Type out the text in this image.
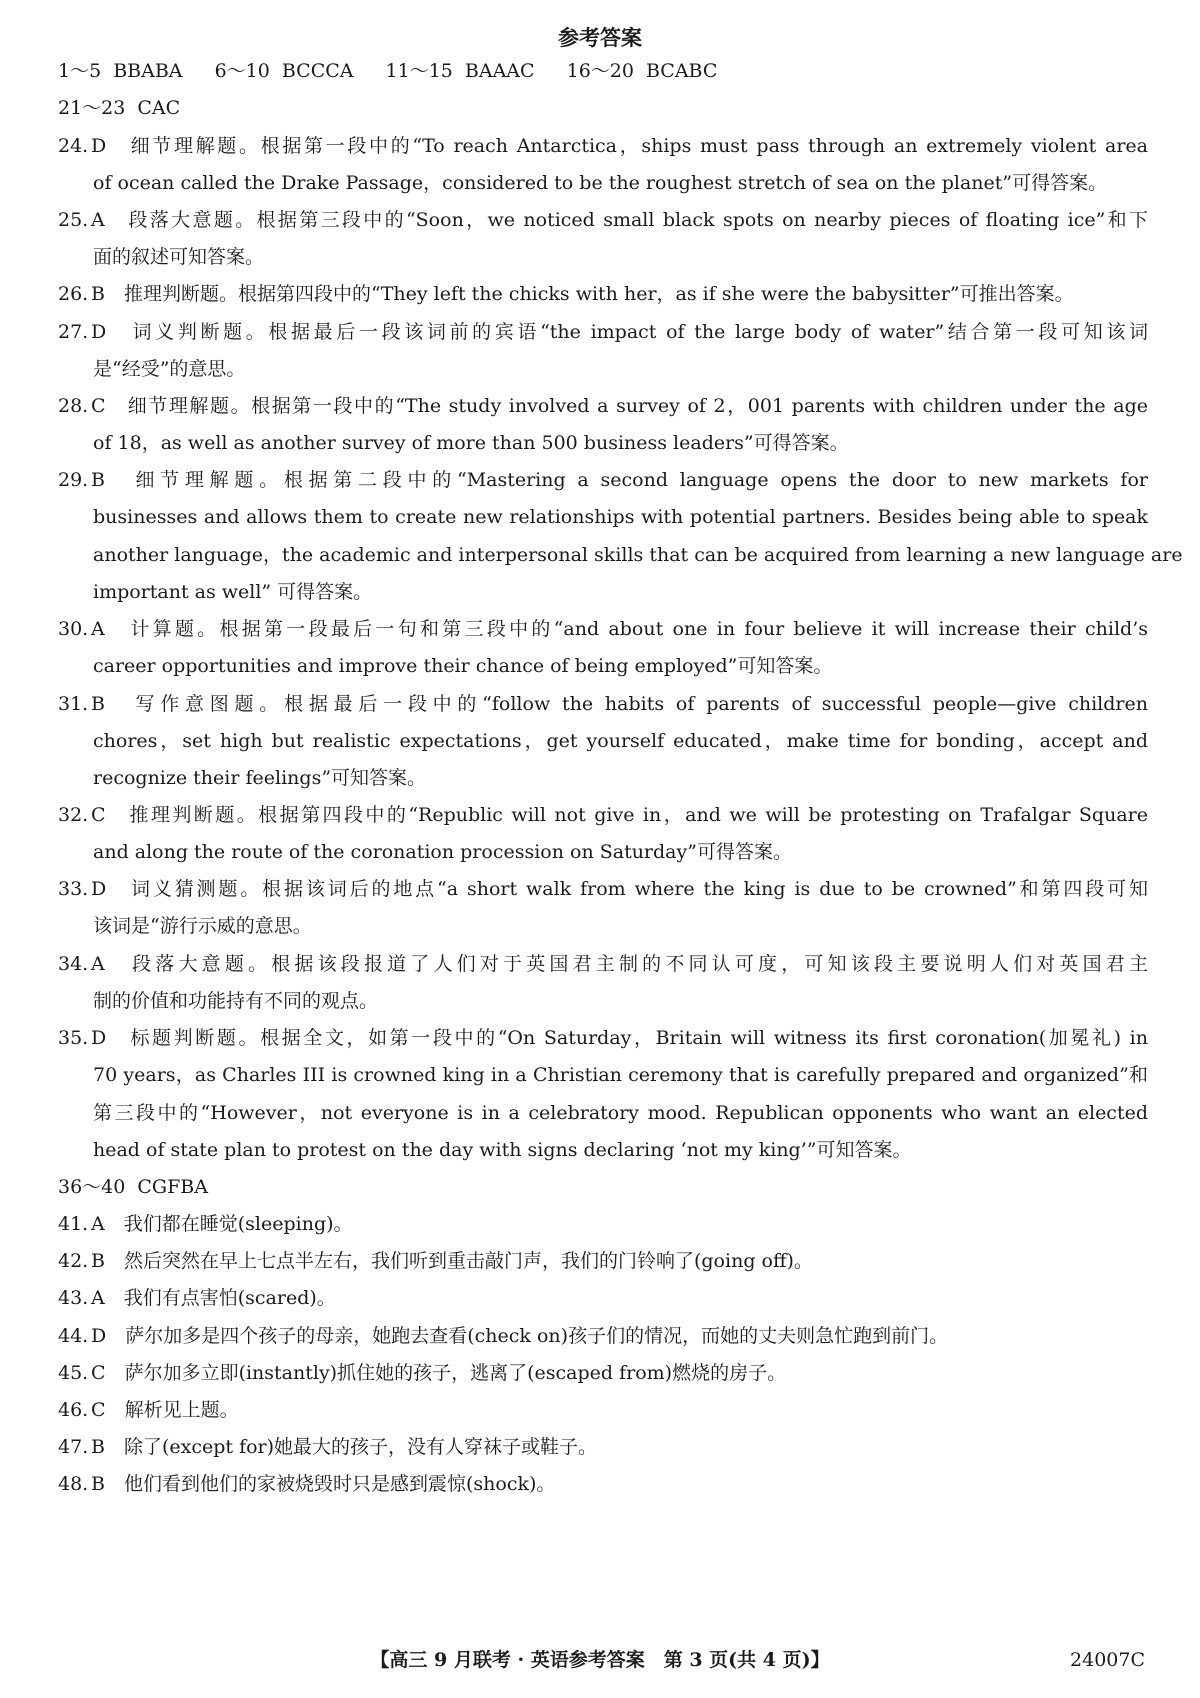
参考答案
1～5 BBABA 6～10 BCCCA 11～15 BAAAC 16～20 BCABC
21～23 CAC
24. D　 细节理解题。根据第一段中的“To reach Antarctica，ships must pass through an extremely violent area
of ocean called the Drake Passage，considered to be the roughest stretch of sea on the planet”可得答案。
25. A　 段落大意题。根据第三段中的“Soon，we noticed small black spots on nearby pieces of floating ice”和下
面的叙述可知答案。
26. B　 推理判断题。根据第四段中的“They left the chicks with her，as if she were the babysitter”可推出答案。
27. D　 词义判断题。根据最后一段该词前的宾语“the impact of the large body of water”结合第一段可知该词
是“经受”的意思。
28. C　 细节理解题。根据第一段中的“The study involved a survey of 2，001 parents with children under the age
of 18，as well as another survey of more than 500 business leaders”可得答案。
29. B　 细节理解题。根据第二段中的“Mastering a second language opens the door to new markets for
businesses and allows them to create new relationships with potential partners. Besides being able to speak
another language，the academic and interpersonal skills that can be acquired from learning a new language are
important as well” 可得答案。
30. A　 计算题。根据第一段最后一句和第三段中的“and about one in four believe it will increase their child’s
career opportunities and improve their chance of being employed”可知答案。
31. B　 写作意图题。根据最后一段中的“follow the habits of parents of successful people—give children
chores，set high but realistic expectations，get yourself educated，make time for bonding，accept and
recognize their feelings”可知答案。
32. C　 推理判断题。根据第四段中的“Republic will not give in，and we will be protesting on Trafalgar Square
and along the route of the coronation procession on Saturday”可得答案。
33. D　 词义猜测题。根据该词后的地点“a short walk from where the king is due to be crowned”和第四段可知
该词是“游行示威的意思。
34. A　 段落大意题。根据该段报道了人们对于英国君主制的不同认可度，可知该段主要说明人们对英国君主
制的价值和功能持有不同的观点。
35. D　 标题判断题。根据全文，如第一段中的“On Saturday，Britain will witness its first coronation(加冕礼) in
70 years，as Charles III is crowned king in a Christian ceremony that is carefully prepared and organized”和
第三段中的“However，not everyone is in a celebratory mood. Republican opponents who want an elected
head of state plan to protest on the day with signs declaring ‘not my king’”可知答案。
36～40 CGFBA
41. A　 我们都在睡觉(sleeping)。
42. B　 然后突然在早上七点半左右，我们听到重击敲门声，我们的门铃响了(going off)。
43. A　 我们有点害怕(scared)。
44. D　 萨尔加多是四个孩子的母亲，她跑去查看(check on)孩子们的情况，而她的丈夫则急忙跑到前门。
45. C　 萨尔加多立即(instantly)抓住她的孩子，逃离了(escaped from)燃烧的房子。
46. C　 解析见上题。
47. B　 除了(except for)她最大的孩子，没有人穿袜子或鞋子。
48. B　 他们看到他们的家被烧毁时只是感到震惊(shock)。
【高三 9 月联考 · 英语参考答案　第 3 页(共 4 页)】	24007C
